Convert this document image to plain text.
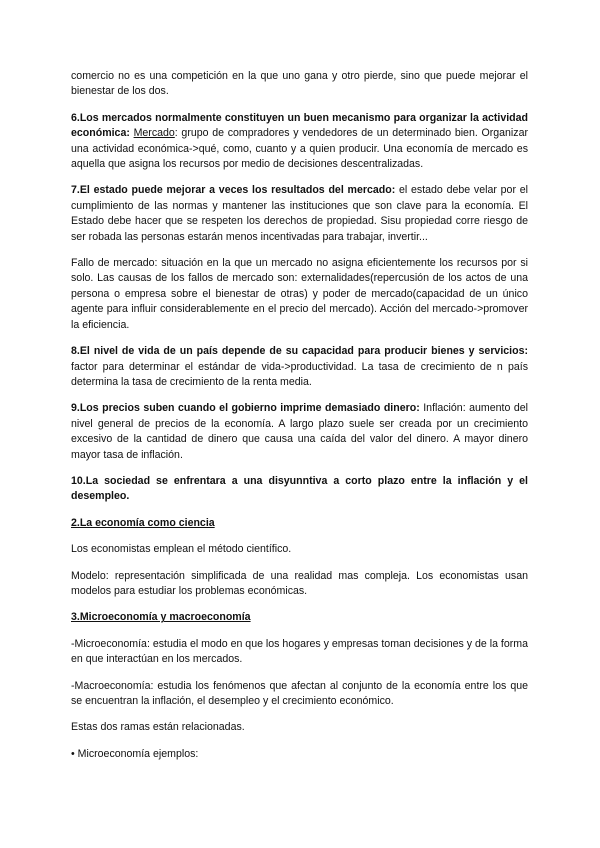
comercio no es una competición en la que uno gana y otro pierde, sino que puede mejorar el bienestar de los dos.

6.Los mercados normalmente constituyen un buen mecanismo para organizar la actividad económica: Mercado: grupo de compradores y vendedores de un determinado bien. Organizar una actividad económica->qué, como, cuanto y a quien producir. Una economía de mercado es aquella que asigna los recursos por medio de decisiones descentralizadas.

7.El estado puede mejorar a veces los resultados del mercado: el estado debe velar por el cumplimiento de las normas y mantener las instituciones que son clave para la economía. El Estado debe hacer que se respeten los derechos de propiedad. Sisu propiedad corre riesgo de ser robada las personas estarán menos incentivadas para trabajar, invertir...

Fallo de mercado: situación en la que un mercado no asigna eficientemente los recursos por si solo. Las causas de los fallos de mercado son: externalidades(repercusión de los actos de una persona o empresa sobre el bienestar de otras) y poder de mercado(capacidad de un único agente para influir considerablemente en el precio del mercado). Acción del mercado->promover la eficiencia.

8.El nivel de vida de un país depende de su capacidad para producir bienes y servicios: factor para determinar el estándar de vida->productividad. La tasa de crecimiento de n país determina la tasa de crecimiento de la renta media.

9.Los precios suben cuando el gobierno imprime demasiado dinero: Inflación: aumento del nivel general de precios de la economía. A largo plazo suele ser creada por un crecimiento excesivo de la cantidad de dinero que causa una caída del valor del dinero. A mayor dinero mayor tasa de inflación.

10.La sociedad se enfrentara a una disyunntiva a corto plazo entre la inflación y el desempleo.

2.La economía como ciencia

Los economistas emplean el método científico.

Modelo: representación simplificada de una realidad mas compleja. Los economistas usan modelos para estudiar los problemas económicas.

3.Microeconomía y macroeconomía

-Microeconomía: estudia el modo en que los hogares y empresas toman decisiones y de la forma en que interactúan en los mercados.

-Macroeconomía: estudia los fenómenos que afectan al conjunto de la economía entre los que se encuentran la inflación, el desempleo y el crecimiento económico.

Estas dos ramas están relacionadas.

• Microeconomía ejemplos:
